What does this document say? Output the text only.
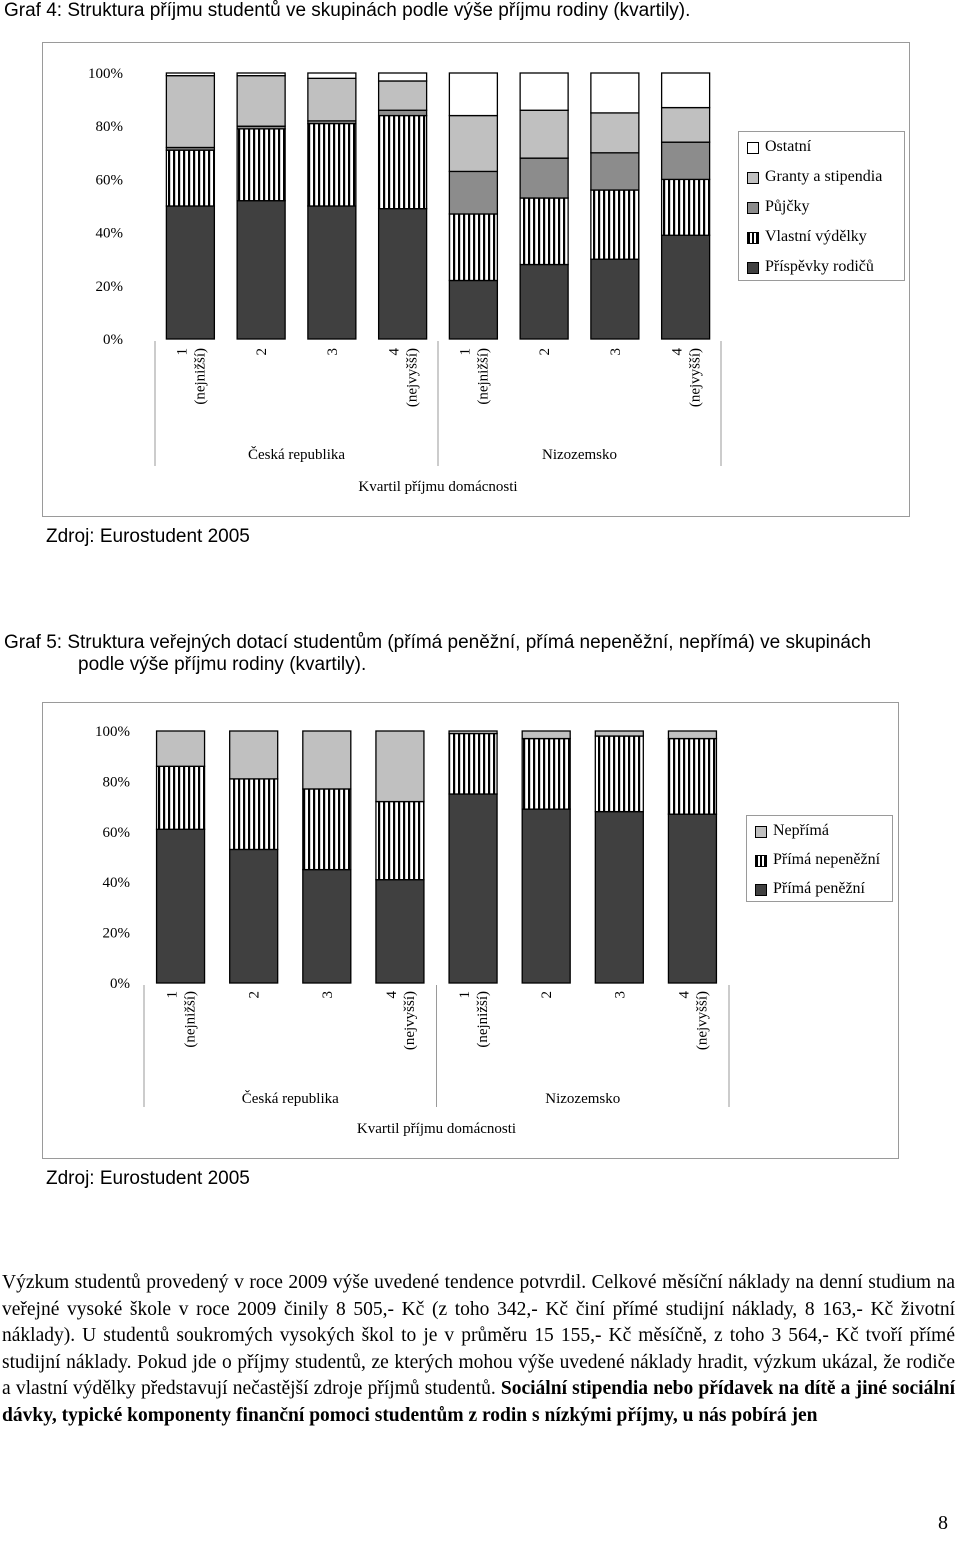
Graf 4: Struktura příjmu studentů ve skupinách podle výše příjmu rodiny (kvartily).
0%
20%
40%
60%
80%
100%
1 (nejnižší)	2	3	4 (nejvyšší) 1 (nejnižší)	2	3	4 (nejvyšší)
Česká republika	Nizozemsko
Kvartil příjmu domácnosti
Ostatní
Granty a stipendia
Půjčky
Vlastní výdělky
Příspěvky rodičů
Zdroj: Eurostudent 2005
Graf 5: Struktura veřejných dotací studentům (přímá peněžní, přímá nepeněžní, nepřímá) ve skupinách
podle výše příjmu rodiny (kvartily).
0%
20%
40%
60%
80%
100%
1 (nejnižší)	2	3	4 (nejvyšší)	1 (nejnižší)	2	3	4 (nejvyšší)
Česká republika	Nizozemsko
Kvartil příjmu domácnosti
Nepřímá
Přímá nepeněžní
Přímá peněžní
Zdroj: Eurostudent 2005
Výzkum studentů provedený v roce 2009 výše uvedené tendence potvrdil. Celkové měsíční náklady na denní studium na veřejné vysoké škole v roce 2009 činily 8 505,- Kč (z toho 342,- Kč činí přímé studijní náklady, 8 163,- Kč životní náklady). U studentů soukromých vysokých škol to je v průměru 15 155,- Kč měsíčně, z toho 3 564,- Kč tvoří přímé studijní náklady. Pokud jde o příjmy studentů, ze kterých mohou výše uvedené náklady hradit, výzkum ukázal, že rodiče a vlastní výdělky představují nečastější zdroje příjmů studentů. Sociální stipendia nebo přídavek na dítě a jiné sociální dávky, typické komponenty finanční pomoci studentům z rodin s nízkými příjmy, u nás pobírá jen
8
